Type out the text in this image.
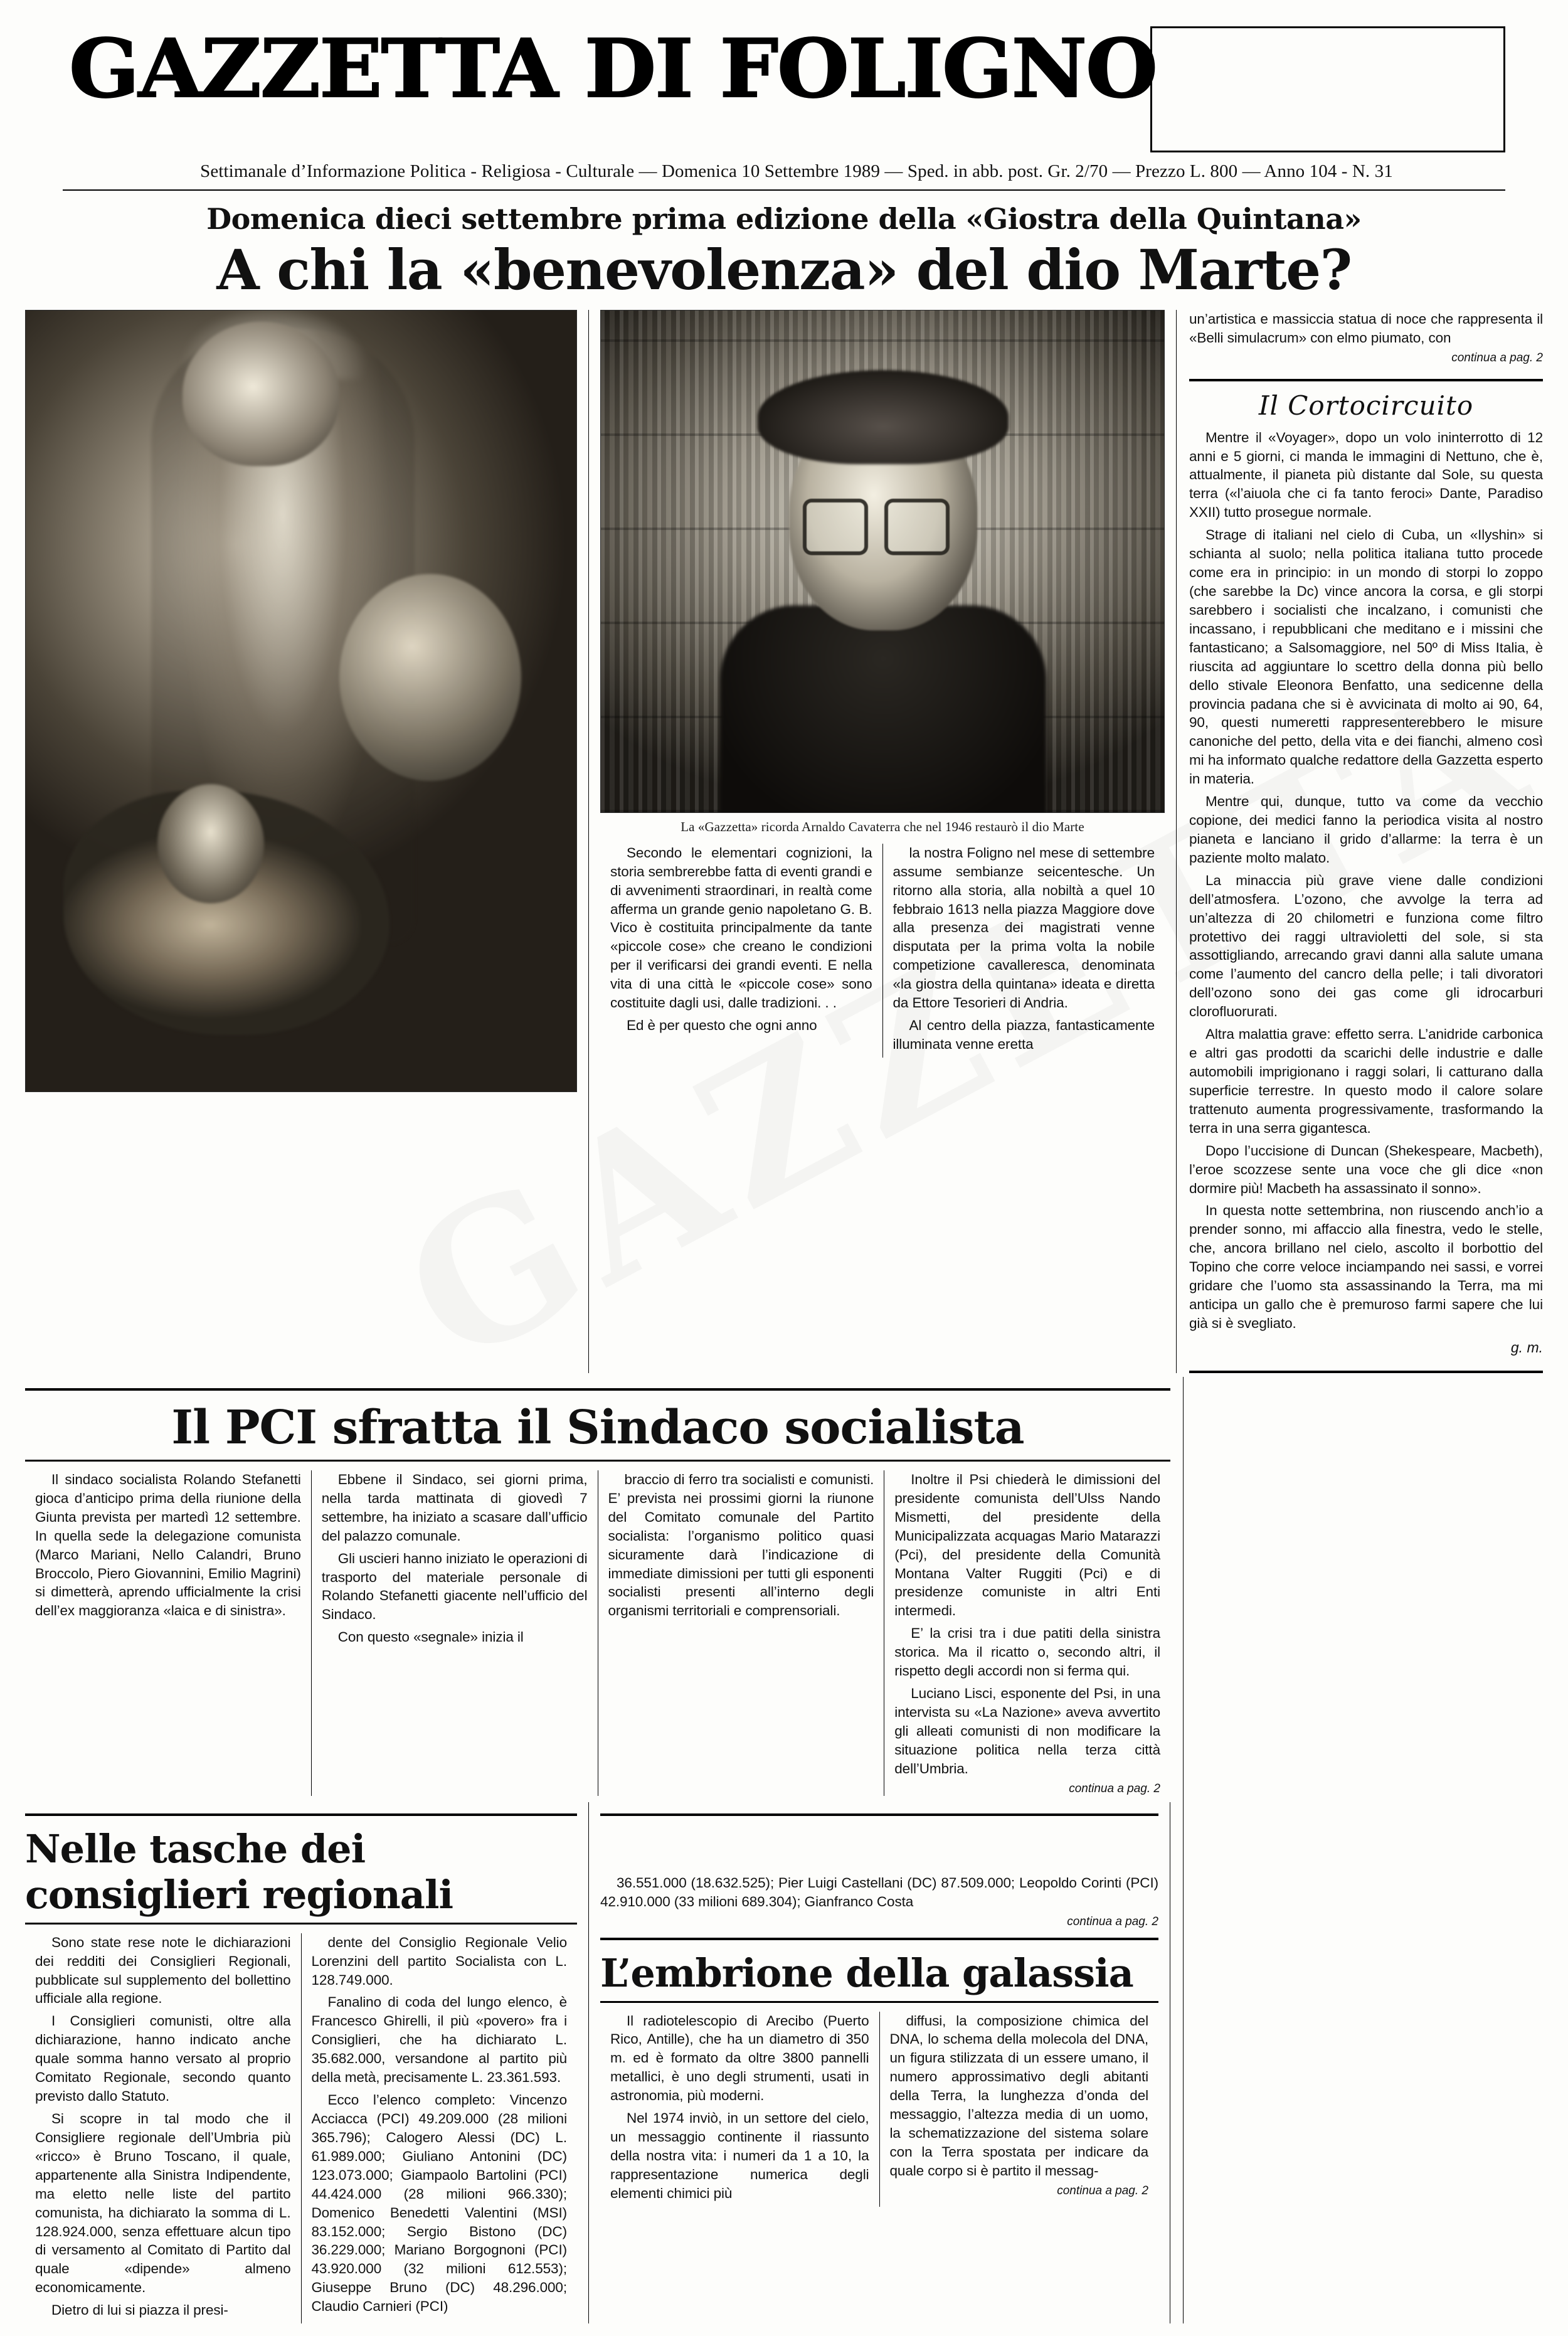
GAZZETTA DI FOLIGNO
Settimanale d’Informazione Politica - Religiosa - Culturale — Domenica 10 Settembre 1989 — Sped. in abb. post. Gr. 2/70 — Prezzo L. 800 — Anno 104 - N. 31
Domenica dieci settembre prima edizione della «Giostra della Quintana»
A chi la «benevolenza» del dio Marte?
La «Gazzetta» ricorda Arnaldo Cavaterra che nel 1946 restaurò il dio Marte

Secondo le elementari cognizioni, la storia sembrerebbe fatta di eventi grandi e di avvenimenti straordinari, in realtà come afferma un grande genio napoletano G. B. Vico è costituita principalmente da tante «piccole cose» che creano le condizioni per il verificarsi dei grandi eventi. E nella vita di una città le «piccole cose» sono costituite dagli usi, dalle tradizioni. . .

Ed è per questo che ogni anno

la nostra Foligno nel mese di settembre assume sembianze seicentesche. Un ritorno alla storia, alla nobiltà a quel 10 febbraio 1613 nella piazza Maggiore dove alla presenza dei magistrati venne disputata per la prima volta la nobile competizione cavalleresca, denominata «la giostra della quintana» ideata e diretta da Ettore Tesorieri di Andria.

Al centro della piazza, fantasticamente illuminata venne eretta

un’artistica e massiccia statua di noce che rappresenta il «Belli simulacrum» con elmo piumato, con

continua a pag. 2

Il Cortocircuito

Mentre il «Voyager», dopo un volo ininterrotto di 12 anni e 5 giorni, ci manda le immagini di Nettuno, che è, attualmente, il pianeta più distante dal Sole, su questa terra («l’aiuola che ci fa tanto feroci» Dante, Paradiso XXII) tutto prosegue normale.

Strage di italiani nel cielo di Cuba, un «Ilyshin» si schianta al suolo; nella politica italiana tutto procede come era in principio: in un mondo di storpi lo zoppo (che sarebbe la Dc) vince ancora la corsa, e gli storpi sarebbero i socialisti che incalzano, i comunisti che incassano, i repubblicani che meditano e i missini che fantasticano; a Salsomaggiore, nel 50º di Miss Italia, è riuscita ad aggiuntare lo scettro della donna più bello dello stivale Eleonora Benfatto, una sedicenne della provincia padana che si è avvicinata di molto ai 90, 64, 90, questi numeretti rappresenterebbero le misure canoniche del petto, della vita e dei fianchi, almeno così mi ha informato qualche redattore della Gazzetta esperto in materia.

Mentre qui, dunque, tutto va come da vecchio copione, dei medici fanno la periodica visita al nostro pianeta e lanciano il grido d’allarme: la terra è un paziente molto malato.

La minaccia più grave viene dalle condizioni dell’atmosfera. L’ozono, che avvolge la terra ad un’altezza di 20 chilometri e funziona come filtro protettivo dei raggi ultravioletti del sole, si sta assottigliando, arrecando gravi danni alla salute umana come l’aumento del cancro della pelle; i tali divoratori dell’ozono sono dei gas come gli idrocarburi clorofluorurati.

Altra malattia grave: effetto serra. L’anidride carbonica e altri gas prodotti da scarichi delle industrie e dalle automobili imprigionano i raggi solari, li catturano dalla superficie terrestre. In questo modo il calore solare trattenuto aumenta progressivamente, trasformando la terra in una serra gigantesca.

Dopo l’uccisione di Duncan (Shekespeare, Macbeth), l’eroe scozzese sente una voce che gli dice «non dormire più! Macbeth ha assassinato il sonno».

In questa notte settembrina, non riuscendo anch’io a prender sonno, mi affaccio alla finestra, vedo le stelle, che, ancora brillano nel cielo, ascolto il borbottio del Topino che corre veloce inciampando nei sassi, e vorrei gridare che l’uomo sta assassinando la Terra, ma mi anticipa un gallo che è premuroso farmi sapere che lui già si è svegliato.

g. m.

Il PCI sfratta il Sindaco socialista

Il sindaco socialista Rolando Stefanetti gioca d’anticipo prima della riunione della Giunta prevista per martedì 12 settembre. In quella sede la delegazione comunista (Marco Mariani, Nello Calandri, Bruno Broccolo, Piero Giovannini, Emilio Magrini) si dimetterà, aprendo ufficialmente la crisi dell’ex maggioranza «laica e di sinistra».

Ebbene il Sindaco, sei giorni prima, nella tarda mattinata di giovedì 7 settembre, ha iniziato a scasare dall’ufficio del palazzo comunale.

Gli uscieri hanno iniziato le operazioni di trasporto del materiale personale di Rolando Stefanetti giacente nell’ufficio del Sindaco.

Con questo «segnale» inizia il

braccio di ferro tra socialisti e comunisti. E’ prevista nei prossimi giorni la riunone del Comitato comunale del Partito socialista: l’organismo politico quasi sicuramente darà l’indicazione di immediate dimissioni per tutti gli esponenti socialisti presenti all’interno degli organismi territoriali e comprensoriali.

Inoltre il Psi chiederà le dimissioni del presidente comunista dell’Ulss Nando Mismetti, del presidente della Municipalizzata acquagas Mario Matarazzi (Pci), del presidente della Comunità Montana Valter Ruggiti (Pci) e di presidenze comuniste in altri Enti intermedi.

E’ la crisi tra i due patiti della sinistra storica. Ma il ricatto o, secondo altri, il rispetto degli accordi non si ferma qui.

Luciano Lisci, esponente del Psi, in una intervista su «La Nazione» aveva avvertito gli alleati comunisti di non modificare la situazione politica nella terza città dell’Umbria.

continua a pag. 2

Nelle tasche dei consiglieri regionali

Sono state rese note le dichiarazioni dei redditi dei Consiglieri Regionali, pubblicate sul supplemento del bollettino ufficiale alla regione.

I Consiglieri comunisti, oltre alla dichiarazione, hanno indicato anche quale somma hanno versato al proprio Comitato Regionale, secondo quanto previsto dallo Statuto.

Si scopre in tal modo che il Consigliere regionale dell’Umbria più «ricco» è Bruno Toscano, il quale, appartenente alla Sinistra Indipendente, ma eletto nelle liste del partito comunista, ha dichiarato la somma di L. 128.924.000, senza effettuare alcun tipo di versamento al Comitato di Partito dal quale «dipende» almeno economicamente.

Dietro di lui si piazza il presi-

dente del Consiglio Regionale Velio Lorenzini dell partito Socialista con L. 128.749.000.

Fanalino di coda del lungo elenco, è Francesco Ghirelli, il più «povero» fra i Consiglieri, che ha dichiarato L. 35.682.000, versandone al partito più della metà, precisamente L. 23.361.593.

Ecco l’elenco completo: Vincenzo Acciacca (PCI) 49.209.000 (28 milioni 365.796); Calogero Alessi (DC) L. 61.989.000; Giuliano Antonini (DC) 123.073.000; Giampaolo Bartolini (PCI) 44.424.000 (28 milioni 966.330); Domenico Benedetti Valentini (MSI) 83.152.000; Sergio Bistono (DC) 36.229.000; Mariano Borgognoni (PCI) 43.920.000 (32 milioni 612.553); Giuseppe Bruno (DC) 48.296.000; Claudio Carnieri (PCI)

36.551.000 (18.632.525); Pier Luigi Castellani (DC) 87.509.000; Leopoldo Corinti (PCI) 42.910.000 (33 milioni 689.304); Gianfranco Costa

continua a pag. 2

L’embrione della galassia

Il radiotelescopio di Arecibo (Puerto Rico, Antille), che ha un diametro di 350 m. ed è formato da oltre 3800 pannelli metallici, è uno degli strumenti, usati in astronomia, più moderni.

Nel 1974 inviò, in un settore del cielo, un messaggio continente il riassunto della nostra vita: i numeri da 1 a 10, la rappresentazione numerica degli elementi chimici più

diffusi, la composizione chimica del DNA, lo schema della molecola del DNA, un figura stilizzata di un essere umano, il numero approssimativo degli abitanti della Terra, la lunghezza d’onda del messaggio, l’altezza media di un uomo, la schematizzazione del sistema solare con la Terra spostata per indicare da quale corpo si è partito il messag-

continua a pag. 2
